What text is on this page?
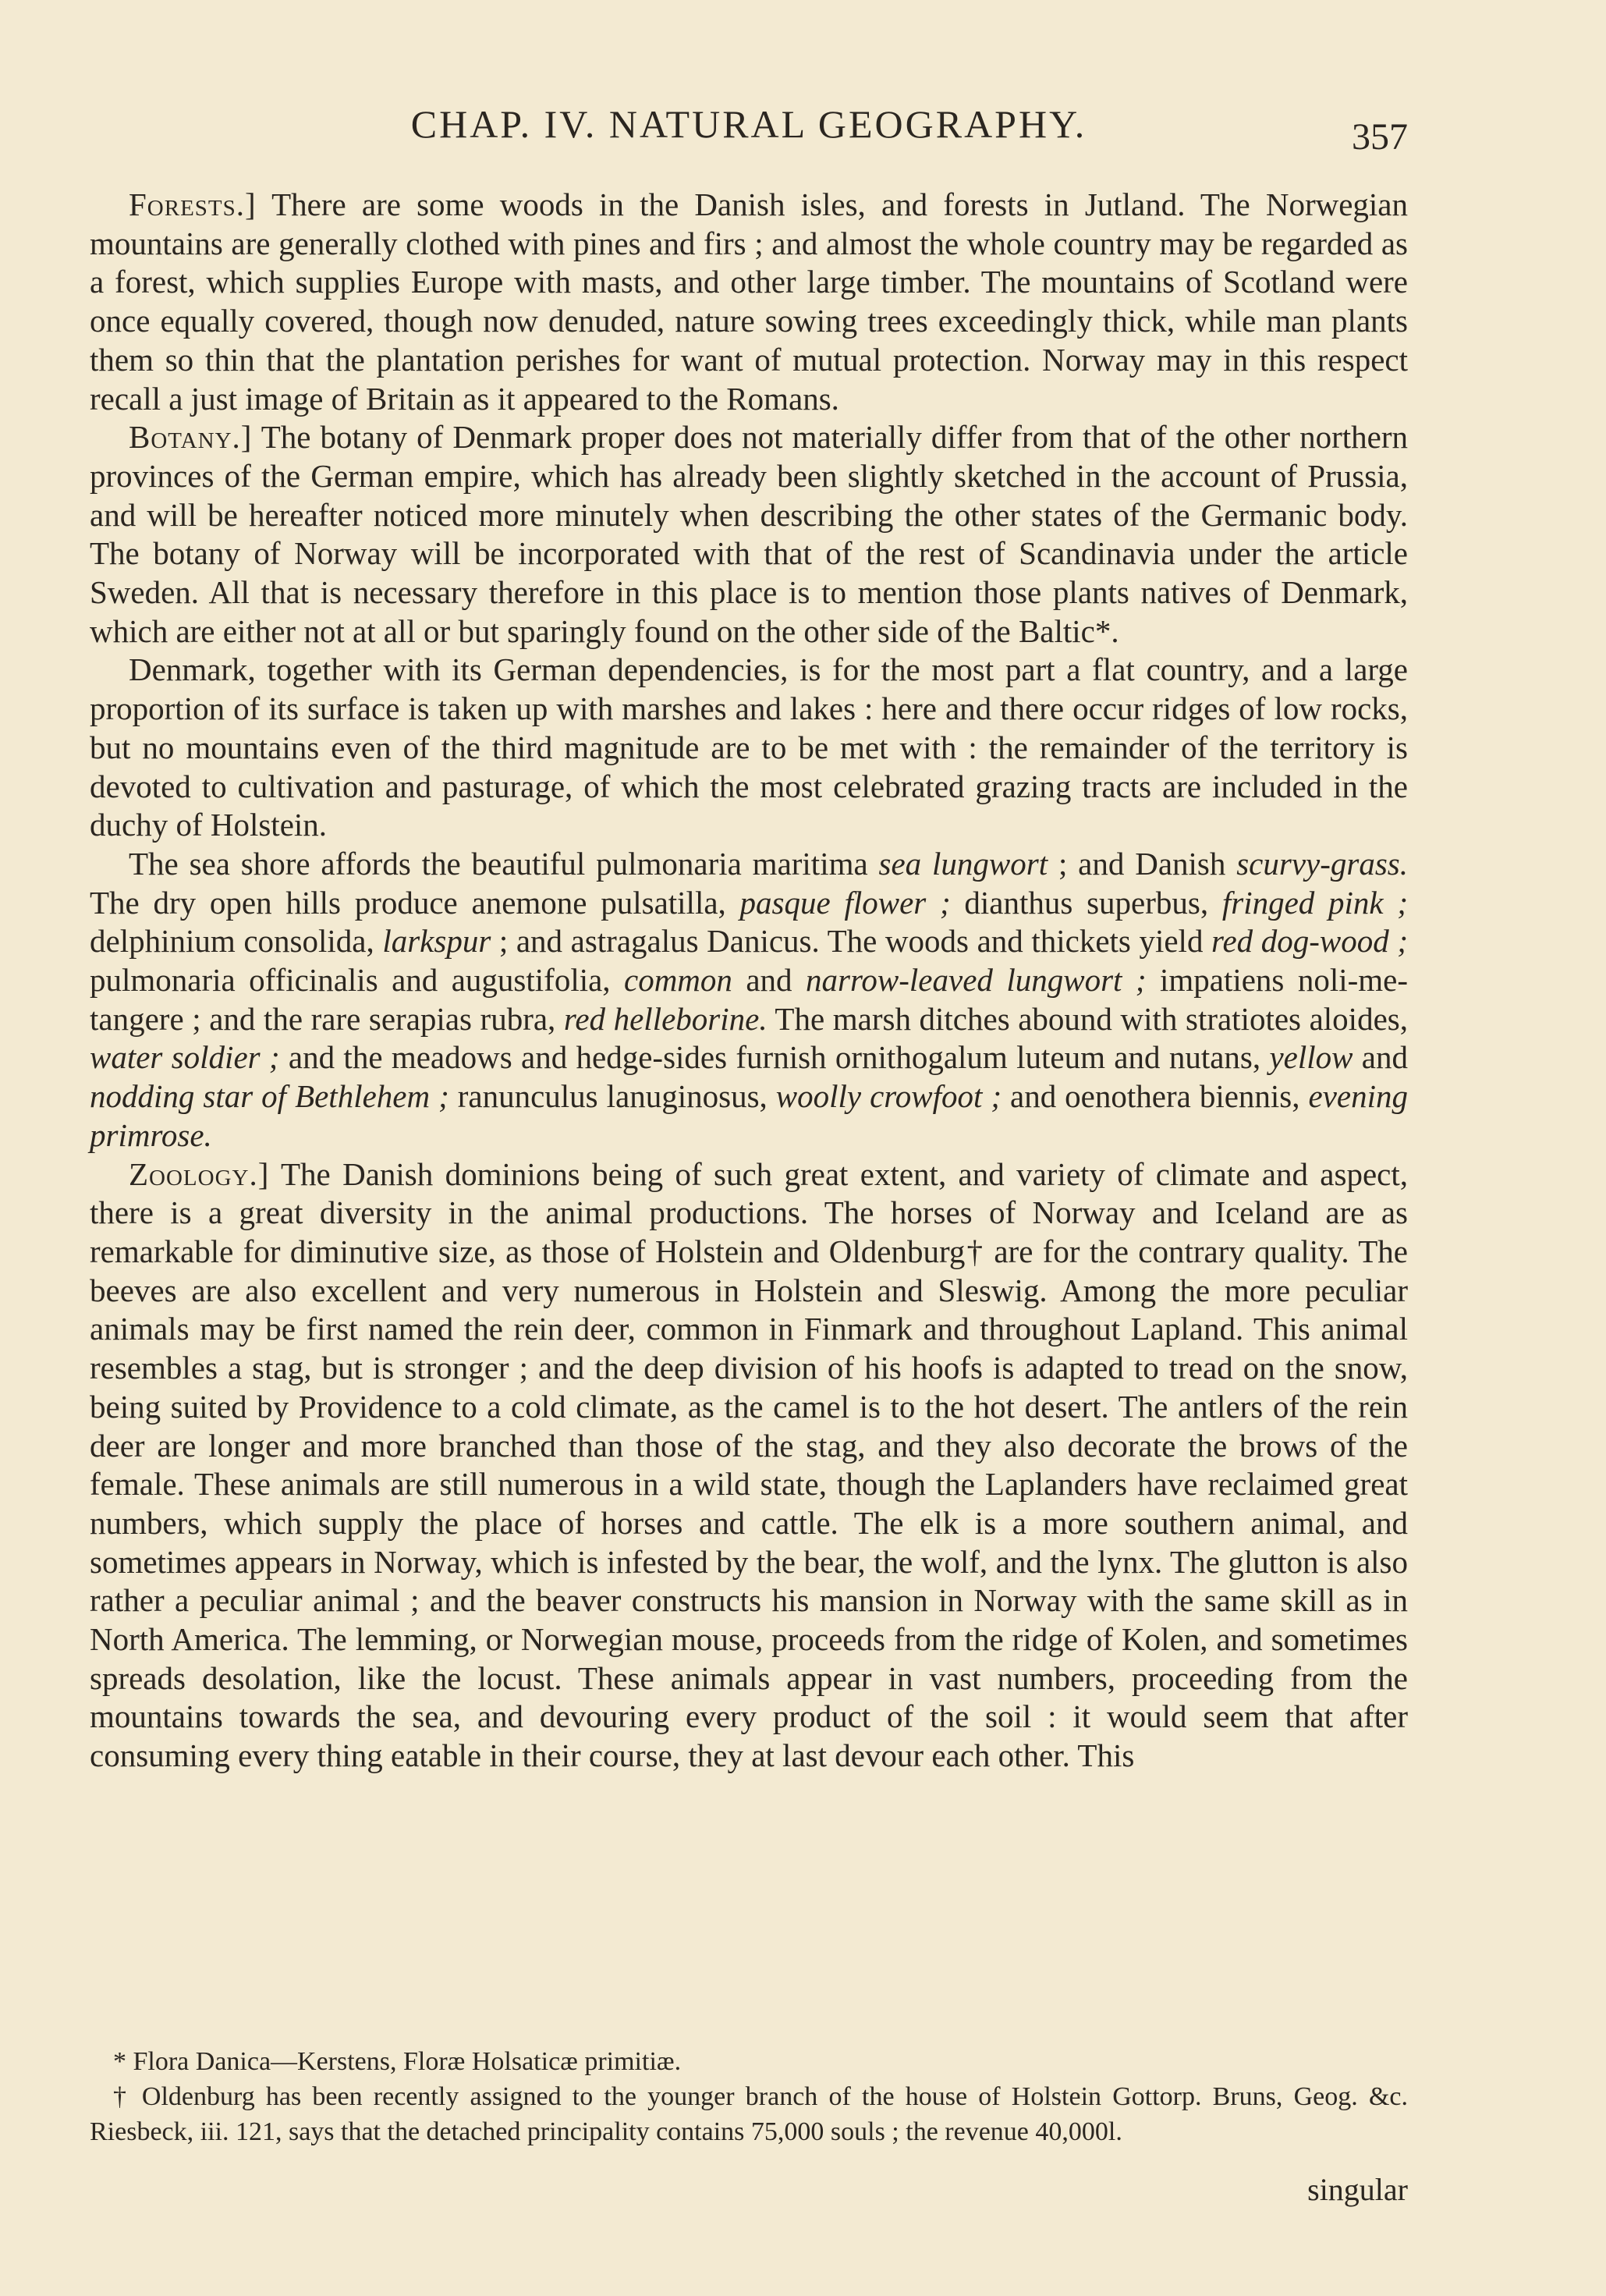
CHAP. IV. NATURAL GEOGRAPHY.	357

Forests.] There are some woods in the Danish isles, and forests in Jutland. The Norwegian mountains are generally clothed with pines and firs ; and almost the whole country may be regarded as a forest, which supplies Europe with masts, and other large timber. The mountains of Scotland were once equally covered, though now denuded, nature sowing trees exceedingly thick, while man plants them so thin that the plantation perishes for want of mutual protection. Norway may in this respect recall a just image of Britain as it appeared to the Romans.

Botany.] The botany of Denmark proper does not materially differ from that of the other northern provinces of the German empire, which has already been slightly sketched in the account of Prussia, and will be hereafter noticed more minutely when describing the other states of the Germanic body. The botany of Norway will be incorporated with that of the rest of Scandinavia under the article Sweden. All that is necessary therefore in this place is to mention those plants natives of Denmark, which are either not at all or but sparingly found on the other side of the Baltic*.

Denmark, together with its German dependencies, is for the most part a flat country, and a large proportion of its surface is taken up with marshes and lakes : here and there occur ridges of low rocks, but no mountains even of the third magnitude are to be met with : the remainder of the territory is devoted to cultivation and pasturage, of which the most celebrated grazing tracts are included in the duchy of Holstein.

The sea shore affords the beautiful pulmonaria maritima sea lungwort ; and Danish scurvy-grass. The dry open hills produce anemone pulsatilla, pasque flower ; dianthus superbus, fringed pink ; delphinium consolida, larkspur ; and astragalus Danicus. The woods and thickets yield red dog-wood ; pulmonaria officinalis and augustifolia, common and narrow-leaved lungwort ; impatiens noli-me-tangere ; and the rare serapias rubra, red helleborine. The marsh ditches abound with stratiotes aloides, water soldier ; and the meadows and hedge-sides furnish ornithogalum luteum and nutans, yellow and nodding star of Bethlehem ; ranunculus lanuginosus, woolly crowfoot ; and oenothera biennis, evening primrose.

Zoology.] The Danish dominions being of such great extent, and variety of climate and aspect, there is a great diversity in the animal productions. The horses of Norway and Iceland are as remarkable for diminutive size, as those of Holstein and Oldenburg† are for the contrary quality. The beeves are also excellent and very numerous in Holstein and Sleswig. Among the more peculiar animals may be first named the rein deer, common in Finmark and throughout Lapland. This animal resembles a stag, but is stronger ; and the deep division of his hoofs is adapted to tread on the snow, being suited by Providence to a cold climate, as the camel is to the hot desert. The antlers of the rein deer are longer and more branched than those of the stag, and they also decorate the brows of the female. These animals are still numerous in a wild state, though the Laplanders have reclaimed great numbers, which supply the place of horses and cattle. The elk is a more southern animal, and sometimes appears in Norway, which is infested by the bear, the wolf, and the lynx. The glutton is also rather a peculiar animal ; and the beaver constructs his mansion in Norway with the same skill as in North America. The lemming, or Norwegian mouse, proceeds from the ridge of Kolen, and sometimes spreads desolation, like the locust. These animals appear in vast numbers, proceeding from the mountains towards the sea, and devouring every product of the soil : it would seem that after consuming every thing eatable in their course, they at last devour each other. This

* Flora Danica—Kerstens, Floræ Holsaticæ primitiæ.

† Oldenburg has been recently assigned to the younger branch of the house of Holstein Gottorp. Bruns, Geog. &c. Riesbeck, iii. 121, says that the detached principality contains 75,000 souls ; the revenue 40,000l.

singular
